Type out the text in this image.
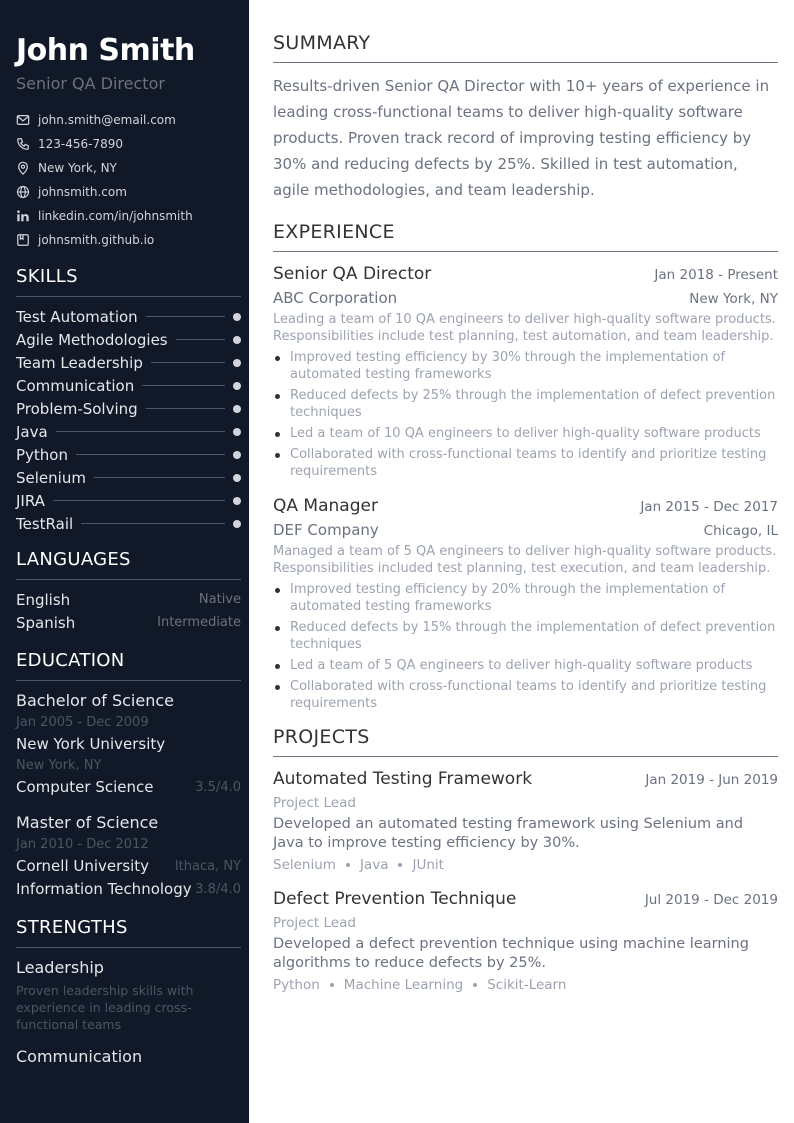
John Smith
Senior QA Director
john.smith@email.com
123-456-7890
New York, NY
johnsmith.com
linkedin.com/in/johnsmith
johnsmith.github.io
SKILLS
Test Automation
Agile Methodologies
Team Leadership
Communication
Problem-Solving
Java
Python
Selenium
JIRA
TestRail
LANGUAGES
English	Native
Spanish	Intermediate
EDUCATION
Bachelor of Science
Jan 2005 - Dec 2009
New York University
New York, NY
Computer Science	3.5/4.0
Master of Science
Jan 2010 - Dec 2012
Cornell University Ithaca, NY
Information Technology 3.8/4.0
STRENGTHS
Leadership
Proven leadership skills with experience in leading cross-functional teams
Communication
SUMMARY
Results-driven Senior QA Director with 10+ years of experience in leading cross-functional teams to deliver high-quality software products. Proven track record of improving testing efficiency by 30% and reducing defects by 25%. Skilled in test automation, agile methodologies, and team leadership.
EXPERIENCE
Senior QA Director	Jan 2018 - Present
ABC Corporation	New York, NY
Leading a team of 10 QA engineers to deliver high-quality software products. Responsibilities include test planning, test automation, and team leadership.
Improved testing efficiency by 30% through the implementation of automated testing frameworks
Reduced defects by 25% through the implementation of defect prevention techniques
Led a team of 10 QA engineers to deliver high-quality software products
Collaborated with cross-functional teams to identify and prioritize testing requirements
QA Manager	Jan 2015 - Dec 2017
DEF Company	Chicago, IL
Managed a team of 5 QA engineers to deliver high-quality software products. Responsibilities included test planning, test execution, and team leadership.
Improved testing efficiency by 20% through the implementation of automated testing frameworks
Reduced defects by 15% through the implementation of defect prevention techniques
Led a team of 5 QA engineers to deliver high-quality software products
Collaborated with cross-functional teams to identify and prioritize testing requirements
PROJECTS
Automated Testing Framework	Jan 2019 - Jun 2019
Project Lead
Developed an automated testing framework using Selenium and Java to improve testing efficiency by 30%.
Selenium Java JUnit
Defect Prevention Technique	Jul 2019 - Dec 2019
Project Lead
Developed a defect prevention technique using machine learning algorithms to reduce defects by 25%.
Python Machine Learning Scikit-Learn
